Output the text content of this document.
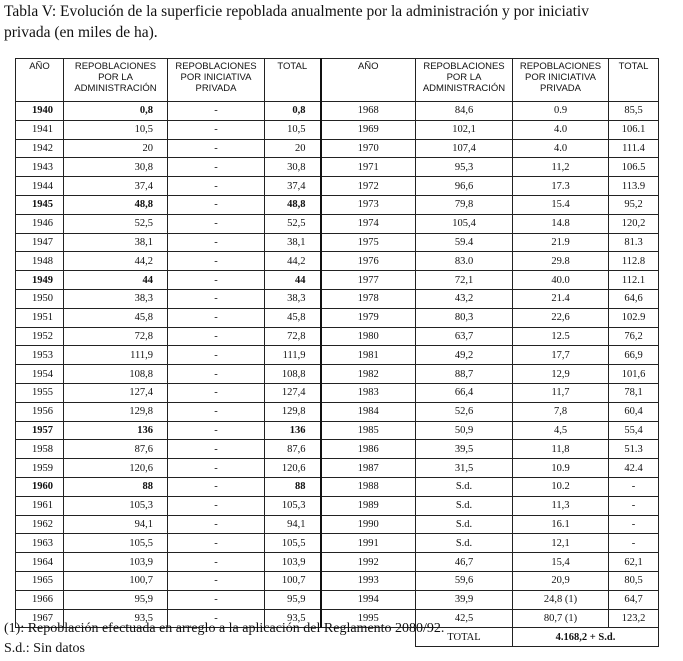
Tabla V: Evolución de la superficie repoblada anualmente por la administración y por iniciativ
privada (en miles de ha).
AÑO	REPOBLACIONES POR LA ADMINISTRACIÓN	REPOBLACIONES POR INICIATIVA PRIVADA	TOTAL	AÑO	REPOBLACIONES POR LA ADMINISTRACIÓN	REPOBLACIONES POR INICIATIVA PRIVADA	TOTAL
1940	0,8	-	0,8	1968	84,6	0.9	85,5
1941	10,5	-	10,5	1969	102,1	4.0	106.1
1942	20	-	20	1970	107,4	4.0	111.4
1943	30,8	-	30,8	1971	95,3	11,2	106.5
1944	37,4	-	37,4	1972	96,6	17.3	113.9
1945	48,8	-	48,8	1973	79,8	15.4	95,2
1946	52,5	-	52,5	1974	105,4	14.8	120,2
1947	38,1	-	38,1	1975	59.4	21.9	81.3
1948	44,2	-	44,2	1976	83.0	29.8	112.8
1949	44	-	44	1977	72,1	40.0	112.1
1950	38,3	-	38,3	1978	43,2	21.4	64,6
1951	45,8	-	45,8	1979	80,3	22,6	102.9
1952	72,8	-	72,8	1980	63,7	12.5	76,2
1953	111,9	-	111,9	1981	49,2	17,7	66,9
1954	108,8	-	108,8	1982	88,7	12,9	101,6
1955	127,4	-	127,4	1983	66,4	11,7	78,1
1956	129,8	-	129,8	1984	52,6	7,8	60,4
1957	136	-	136	1985	50,9	4,5	55,4
1958	87,6	-	87,6	1986	39,5	11,8	51.3
1959	120,6	-	120,6	1987	31,5	10.9	42.4
1960	88	-	88	1988	S.d.	10.2	-
1961	105,3	-	105,3	1989	S.d.	11,3	-
1962	94,1	-	94,1	1990	S.d.	16.1	-
1963	105,5	-	105,5	1991	S.d.	12,1	-
1964	103,9	-	103,9	1992	46,7	15,4	62,1
1965	100,7	-	100,7	1993	59,6	20,9	80,5
1966	95,9	-	95,9	1994	39,9	24,8 (1)	64,7
1967	93,5	-	93,5	1995	42,5	80,7 (1)	123,2
					TOTAL	4.168,2 + S.d.	
(1): Repoblación efectuada en arreglo a la aplicación del Reglamento 2080/92.
S.d.: Sin datos
